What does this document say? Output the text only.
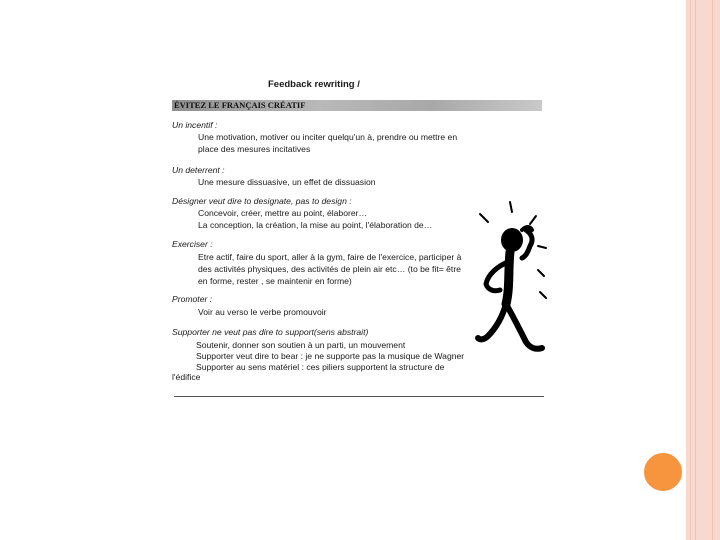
Feedback rewriting /
ÉVITEZ LE FRANÇAIS CRÉATIF
Un incentif :
Une motivation, motiver ou inciter quelqu'un à, prendre ou mettre en
place des mesures incitatives
Un deterrent :
Une mesure dissuasive, un effet de dissuasion
Désigner veut dire to designate, pas to design :
Concevoir, créer, mettre au point, élaborer…
La conception, la création, la mise au point, l'élaboration de…
Exerciser :
Etre actif, faire du sport, aller à la gym, faire de l'exercice, participer à
des activités physiques, des activités de plein air etc… (to be fit= être
en forme, rester , se maintenir en forme)
Promoter :
Voir au verso le verbe promouvoir
Supporter ne veut pas dire to support(sens abstrait)
Soutenir, donner son soutien à un parti, un mouvement
Supporter veut dire to bear : je ne supporte pas la musique de Wagner
Supporter au sens matériel : ces piliers supportent la structure de
l'édifice
